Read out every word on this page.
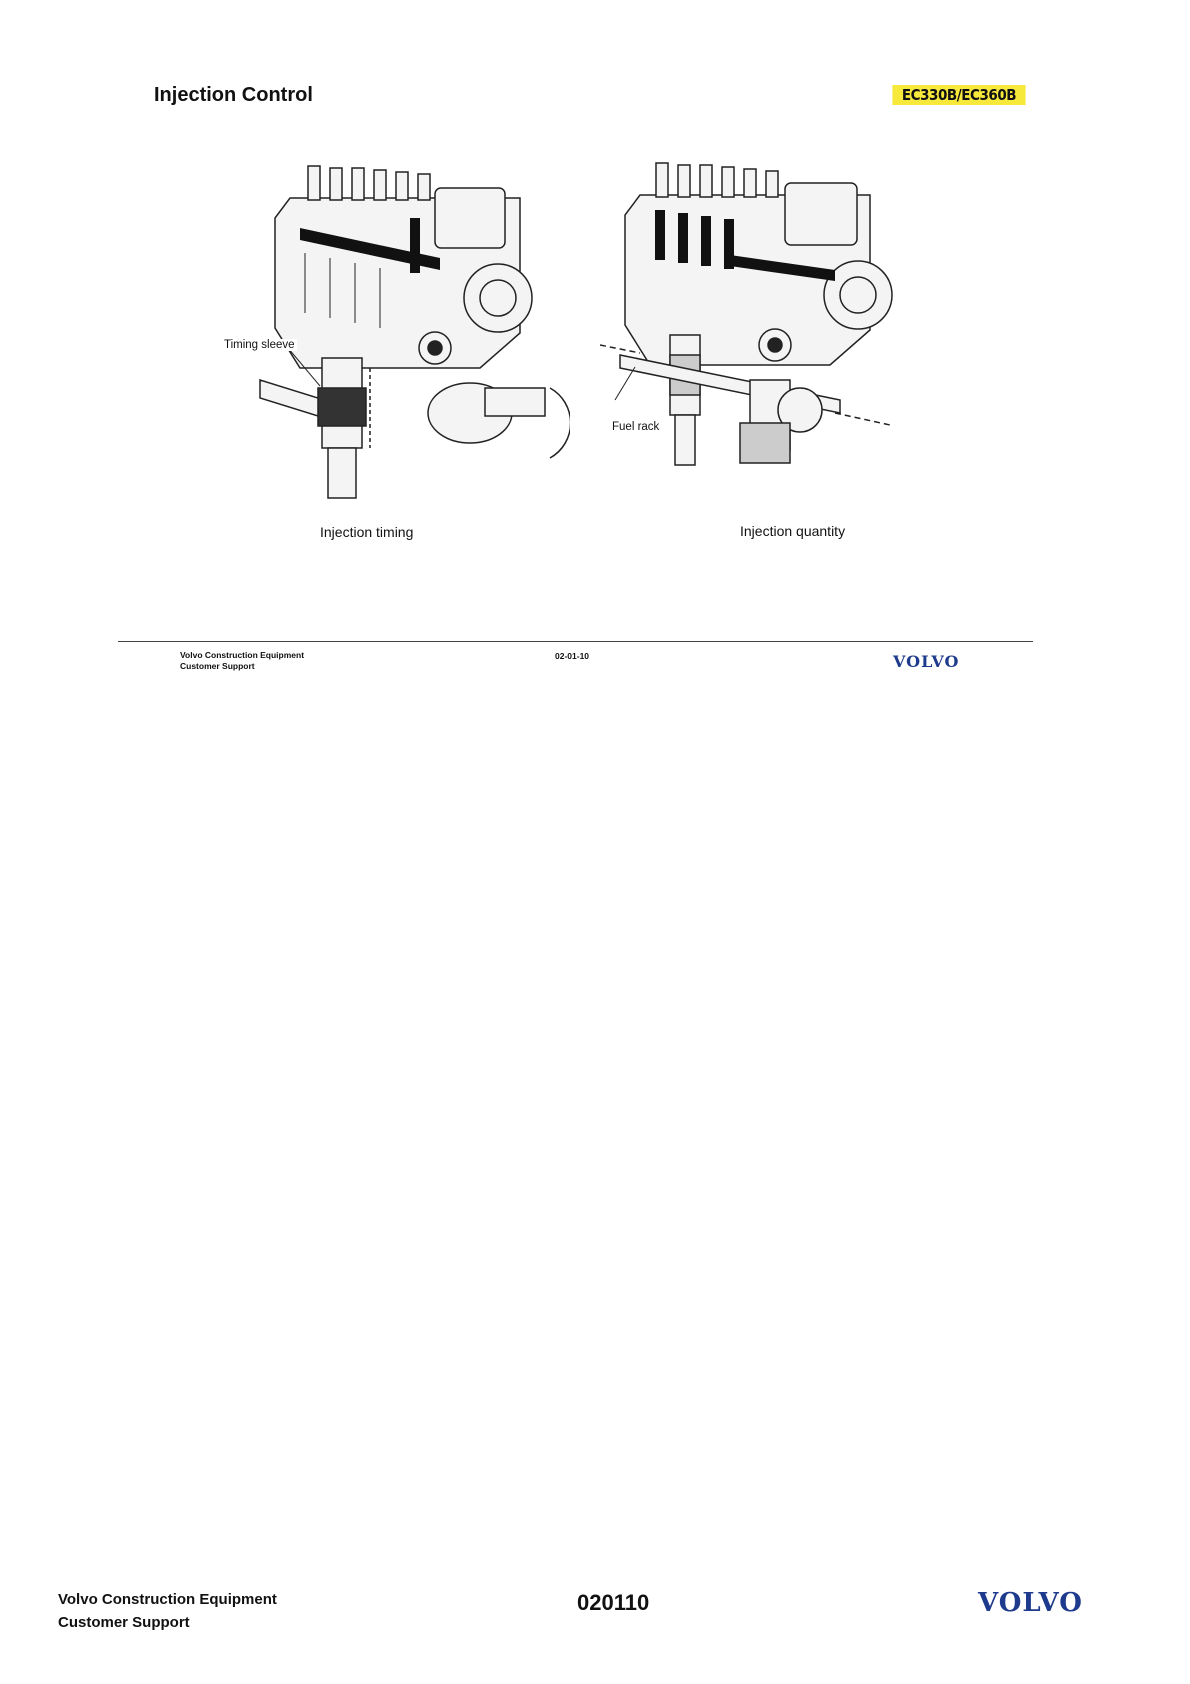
Injection Control	EC330B/EC360B
Timing sleeve
Injection timing
Fuel rack
Injection quantity
Volvo Construction Equipment
Customer Support
02-01-10	VOLVO
Volvo Construction Equipment
Customer Support
020110	VOLVO
